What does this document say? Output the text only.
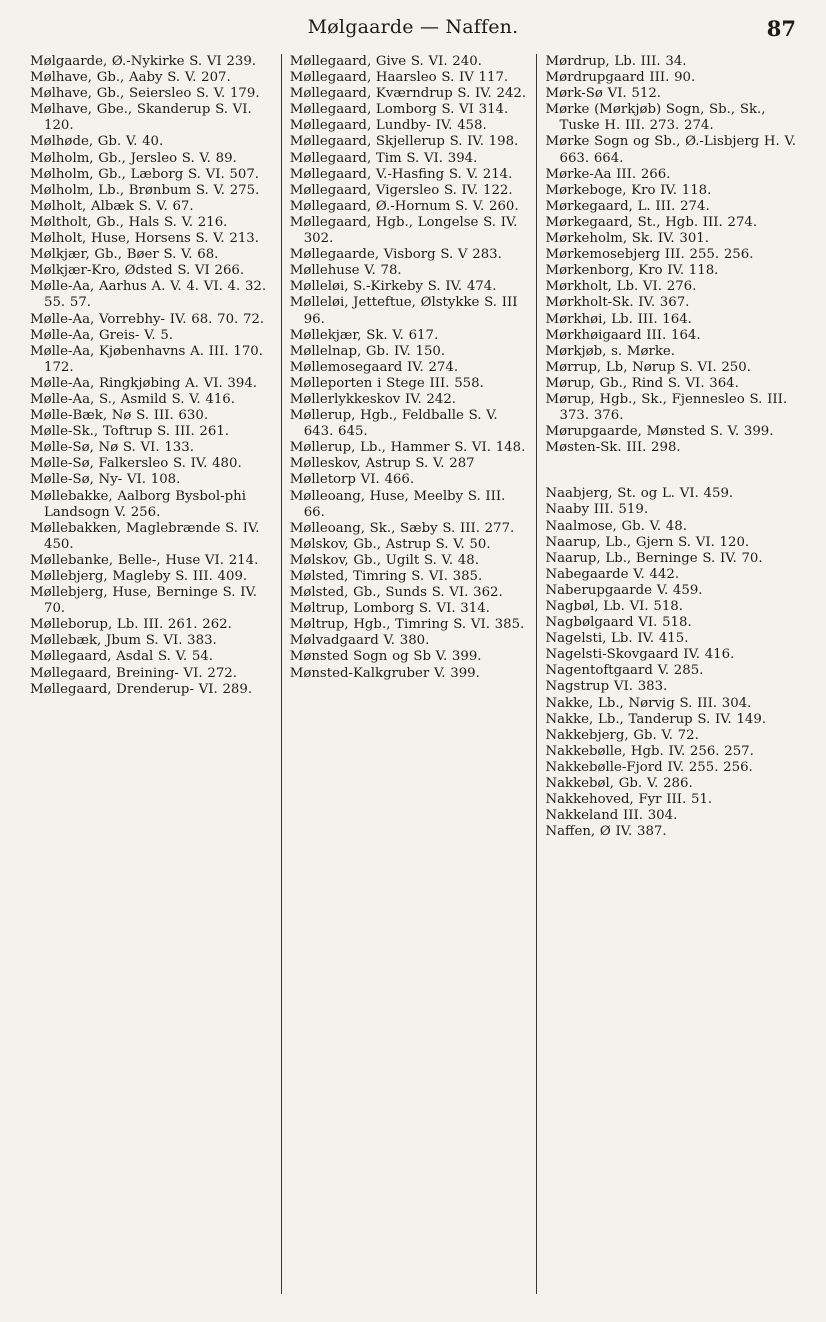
Mølgaarde — Naffen.	87

Mølgaarde, Ø.-Nykirke S. VI 239.

Mølhave, Gb., Aaby S. V. 207.

Mølhave, Gb., Seiersleo S. V. 179.

Mølhave, Gbe., Skanderup S. VI. 120.

Mølhøde, Gb. V. 40.

Mølholm, Gb., Jersleo S. V. 89.

Mølholm, Gb., Læborg S. VI. 507.

Mølholm, Lb., Brønbum S. V. 275.

Mølholt, Albæk S. V. 67.

Møltholt, Gb., Hals S. V. 216.

Mølholt, Huse, Horsens S. V. 213.

Mølkjær, Gb., Bøer S. V. 68.

Mølkjær-Kro, Ødsted S. VI 266.

Mølle-Aa, Aarhus A. V. 4. VI. 4. 32. 55. 57.

Mølle-Aa, Vorrebhy- IV. 68. 70. 72.

Mølle-Aa, Greis- V. 5.

Mølle-Aa, Kjøbenhavns A. III. 170. 172.

Mølle-Aa, Ringkjøbing A. VI. 394.

Mølle-Aa, S., Asmild S. V. 416.

Mølle-Bæk, Nø S. III. 630.

Mølle-Sk., Toftrup S. III. 261.

Mølle-Sø, Nø S. VI. 133.

Mølle-Sø, Falkersleo S. IV. 480.

Mølle-Sø, Ny- VI. 108.

Møllebakke, Aalborg Bysbol-phi Landsogn V. 256.

Møllebakken, Maglebrænde S. IV. 450.

Møllebanke, Belle-, Huse VI. 214.

Møllebjerg, Magleby S. III. 409.

Møllebjerg, Huse, Berninge S. IV. 70.

Mølleborup, Lb. III. 261. 262.

Møllebæk, Jbum S. VI. 383.

Møllegaard, Asdal S. V. 54.

Møllegaard, Breining- VI. 272.

Møllegaard, Drenderup- VI. 289.

Møllegaard, Give S. VI. 240.

Møllegaard, Haarsleo S. IV 117.

Møllegaard, Kværndrup S. IV. 242.

Møllegaard, Lomborg S. VI 314.

Møllegaard, Lundby- IV. 458.

Møllegaard, Skjellerup S. IV. 198.

Møllegaard, Tim S. VI. 394.

Møllegaard, V.-Hasfing S. V. 214.

Møllegaard, Vigersleo S. IV. 122.

Møllegaard, Ø.-Hornum S. V. 260.

Møllegaard, Hgb., Longelse S. IV. 302.

Møllegaarde, Visborg S. V 283.

Møllehuse V. 78.

Mølleløi, S.-Kirkeby S. IV. 474.

Mølleløi, Jetteftue, Ølstykke S. III 96.

Møllekjær, Sk. V. 617.

Møllelnap, Gb. IV. 150.

Møllemosegaard IV. 274.

Mølleporten i Stege III. 558.

Møllerlykkeskov IV. 242.

Møllerup, Hgb., Feldballe S. V. 643. 645.

Møllerup, Lb., Hammer S. VI. 148.

Mølleskov, Astrup S. V. 287

Mølletorp VI. 466.

Mølleoang, Huse, Meelby S. III. 66.

Mølleoang, Sk., Sæby S. III. 277.

Mølskov, Gb., Astrup S. V. 50.

Mølskov, Gb., Ugilt S. V. 48.

Mølsted, Timring S. VI. 385.

Mølsted, Gb., Sunds S. VI. 362.

Møltrup, Lomborg S. VI. 314.

Møltrup, Hgb., Timring S. VI. 385.

Mølvadgaard V. 380.

Mønsted Sogn og Sb V. 399.

Mønsted-Kalkgruber V. 399.

Mørdrup, Lb. III. 34.

Mørdrupgaard III. 90.

Mørk-Sø VI. 512.

Mørke (Mørkjøb) Sogn, Sb., Sk., Tuske H. III. 273. 274.

Mørke Sogn og Sb., Ø.-Lisbjerg H. V. 663. 664.

Mørke-Aa III. 266.

Mørkeboge, Kro IV. 118.

Mørkegaard, L. III. 274.

Mørkegaard, St., Hgb. III. 274.

Mørkeholm, Sk. IV. 301.

Mørkemosebjerg III. 255. 256.

Mørkenborg, Kro IV. 118.

Mørkholt, Lb. VI. 276.

Mørkholt-Sk. IV. 367.

Mørkhøi, Lb. III. 164.

Mørkhøigaard III. 164.

Mørkjøb, s. Mørke.

Mørrup, Lb, Nørup S. VI. 250.

Mørup, Gb., Rind S. VI. 364.

Mørup, Hgb., Sk., Fjennesleo S. III. 373. 376.

Mørupgaarde, Mønsted S. V. 399.

Møsten-Sk. III. 298.

Naabjerg, St. og L. VI. 459.

Naaby III. 519.

Naalmose, Gb. V. 48.

Naarup, Lb., Gjern S. VI. 120.

Naarup, Lb., Berninge S. IV. 70.

Nabegaarde V. 442.

Naberupgaarde V. 459.

Nagbøl, Lb. VI. 518.

Nagbølgaard VI. 518.

Nagelsti, Lb. IV. 415.

Nagelsti-Skovgaard IV. 416.

Nagentoftgaard V. 285.

Nagstrup VI. 383.

Nakke, Lb., Nørvig S. III. 304.

Nakke, Lb., Tanderup S. IV. 149.

Nakkebjerg, Gb. V. 72.

Nakkebølle, Hgb. IV. 256. 257.

Nakkebølle-Fjord IV. 255. 256.

Nakkebøl, Gb. V. 286.

Nakkehoved, Fyr III. 51.

Nakkeland III. 304.

Naffen, Ø IV. 387.
